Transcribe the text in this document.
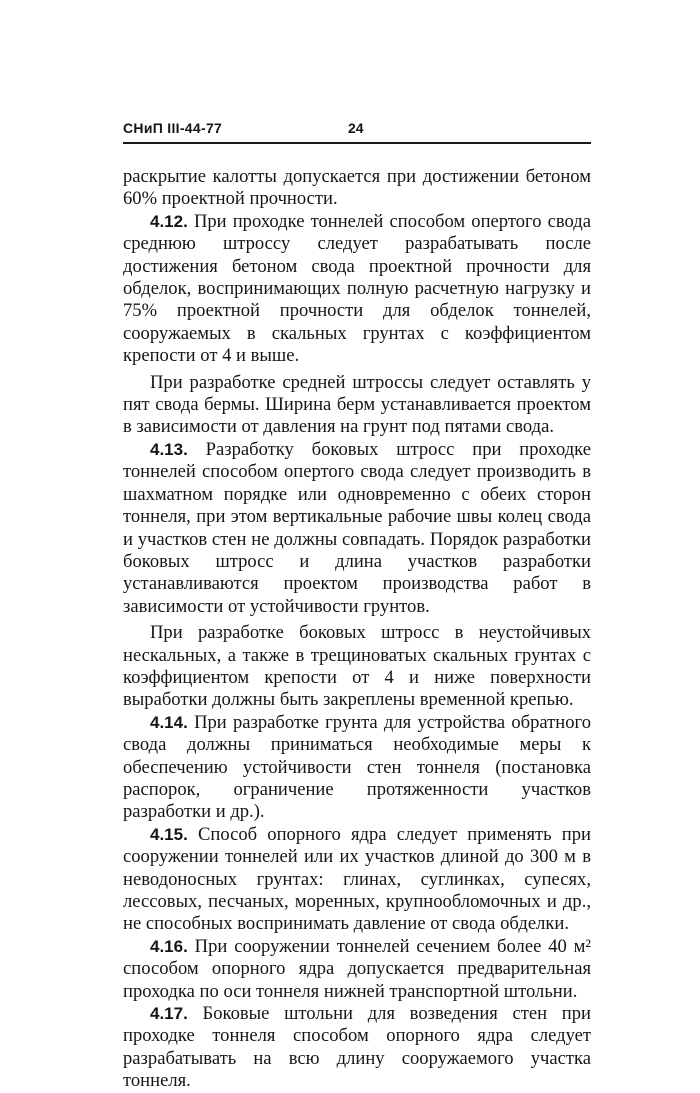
СНиП III-44-77	24

раскрытие калотты допускается при достижении бетоном 60% проектной прочности.

4.12. При проходке тоннелей способом опертого свода среднюю штроссу следует разрабатывать после достижения бетоном свода проектной прочности для обделок, воспринимающих полную расчетную нагрузку и 75% проектной прочности для обделок тоннелей, сооружаемых в скальных грунтах с коэффициентом крепости от 4 и выше.

При разработке средней штроссы следует оставлять у пят свода бермы. Ширина берм устанавливается проектом в зависимости от давления на грунт под пятами свода.

4.13. Разработку боковых штросс при проходке тоннелей способом опертого свода следует производить в шахматном порядке или одновременно с обеих сторон тоннеля, при этом вертикальные рабочие швы колец свода и участков стен не должны совпадать. Порядок разработки боковых штросс и длина участков разработки устанавливаются проектом производства работ в зависимости от устойчивости грунтов.

При разработке боковых штросс в неустойчивых нескальных, а также в трещиноватых скальных грунтах с коэффициентом крепости от 4 и ниже поверхности выработки должны быть закреплены временной крепью.

4.14. При разработке грунта для устройства обратного свода должны приниматься необходимые меры к обеспечению устойчивости стен тоннеля (постановка распорок, ограничение протяженности участков разработки и др.).

4.15. Способ опорного ядра следует применять при сооружении тоннелей или их участков длиной до 300 м в неводоносных грунтах: глинах, суглинках, супесях, лессовых, песчаных, моренных, крупнообломочных и др., не способных воспринимать давление от свода обделки.

4.16. При сооружении тоннелей сечением более 40 м² способом опорного ядра допускается предварительная проходка по оси тоннеля нижней транспортной штольни.

4.17. Боковые штольни для возведения стен при проходке тоннеля способом опорного ядра следует разрабатывать на всю длину сооружаемого участка тоннеля.
